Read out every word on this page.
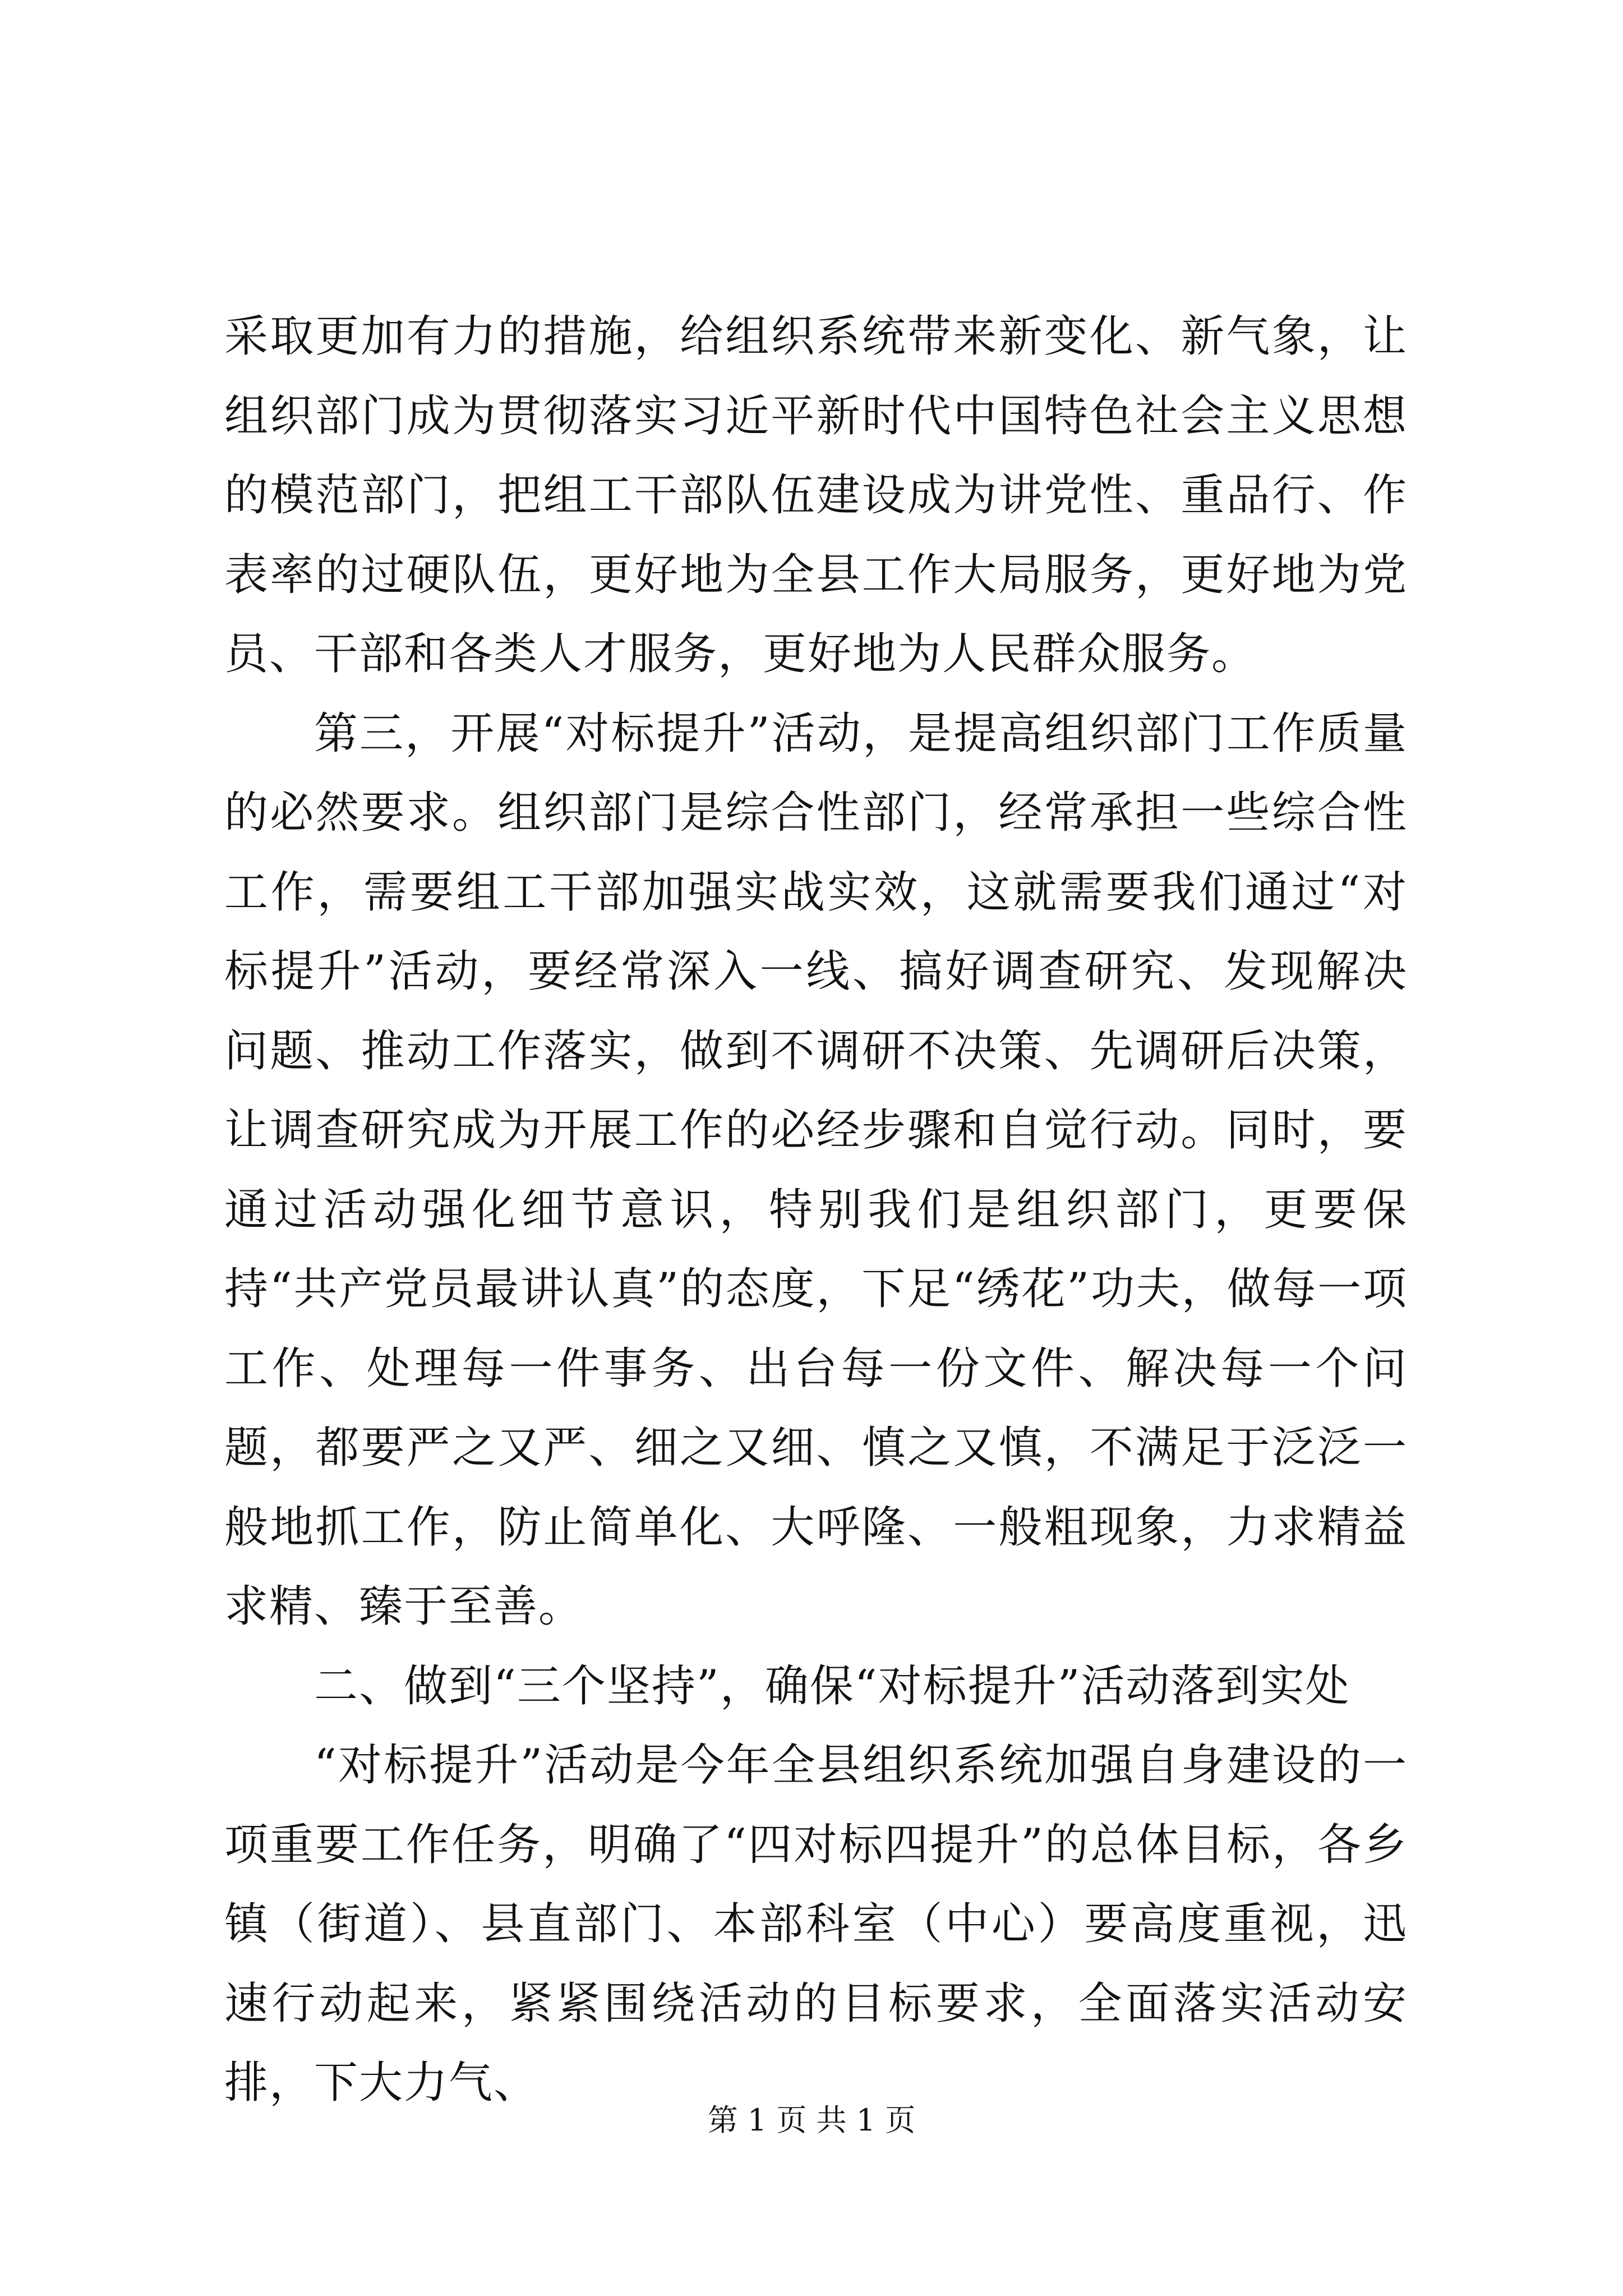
采取更加有力的措施，给组织系统带来新变化、新气象，让组织部门成为贯彻落实习近平新时代中国特色社会主义思想的模范部门，把组工干部队伍建设成为讲党性、重品行、作表率的过硬队伍，更好地为全县工作大局服务，更好地为党员、干部和各类人才服务，更好地为人民群众服务。

第三，开展“对标提升”活动，是提高组织部门工作质量的必然要求。组织部门是综合性部门，经常承担一些综合性工作，需要组工干部加强实战实效，这就需要我们通过“对标提升”活动，要经常深入一线、搞好调查研究、发现解决问题、推动工作落实，做到不调研不决策、先调研后决策，让调查研究成为开展工作的必经步骤和自觉行动。同时，要通过活动强化细节意识，特别我们是组织部门，更要保持“共产党员最讲认真”的态度，下足“绣花”功夫，做每一项工作、处理每一件事务、出台每一份文件、解决每一个问题，都要严之又严、细之又细、慎之又慎，不满足于泛泛一般地抓工作，防止简单化、大呼隆、一般粗现象，力求精益求精、臻于至善。

二、做到“三个坚持”，确保“对标提升”活动落到实处

“对标提升”活动是今年全县组织系统加强自身建设的一项重要工作任务，明确了“四对标四提升”的总体目标，各乡镇（街道）、县直部门、本部科室（中心）要高度重视，迅速行动起来，紧紧围绕活动的目标要求，全面落实活动安排，下大力气、

第 1 页 共 1 页
